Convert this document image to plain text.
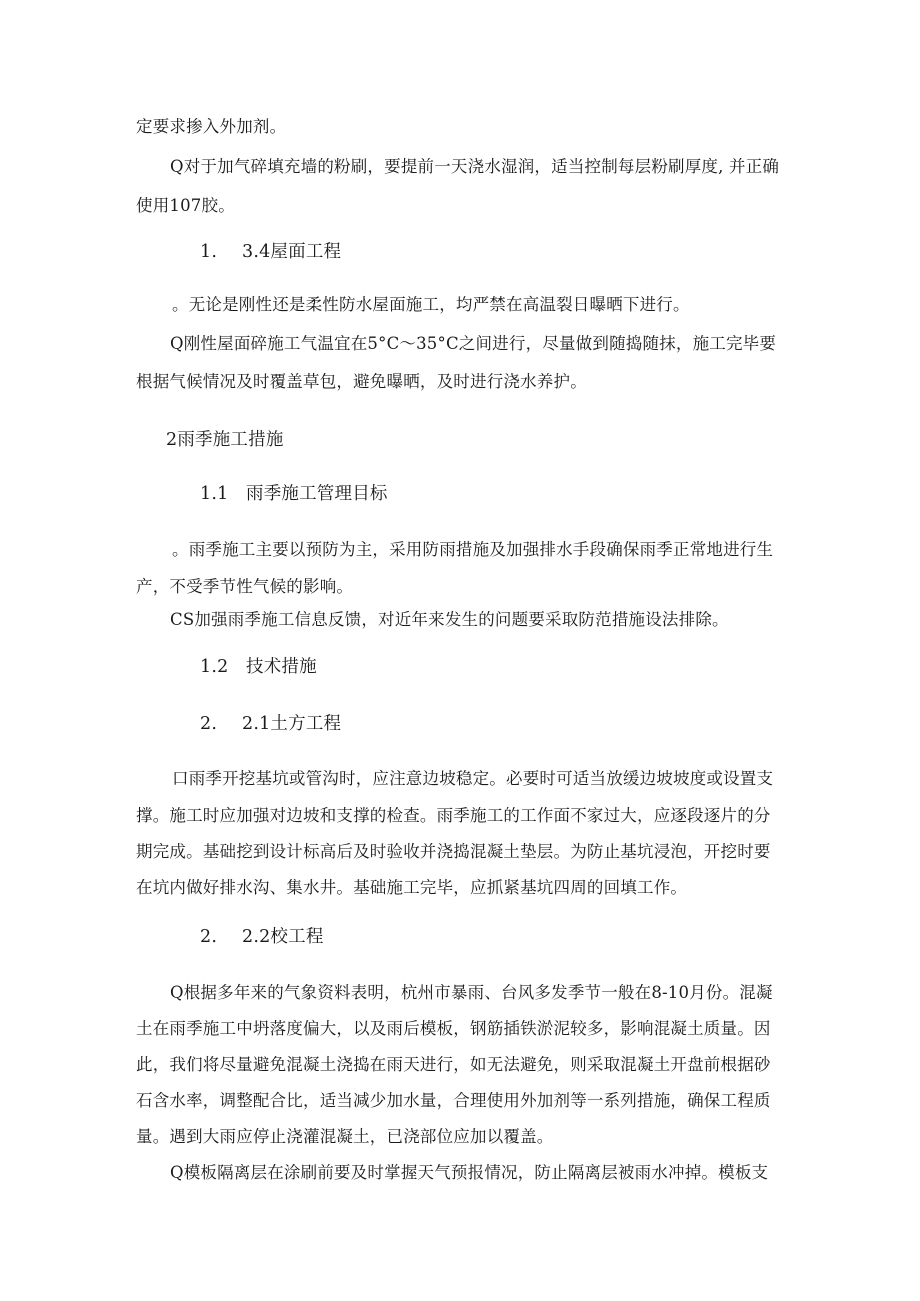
定要求掺入外加剂。
Q对于加气碎填充墙的粉刷，要提前一天浇水湿润，适当控制每层粉刷厚度, 并正确
使用107胶。
1. 3.4屋面工程
。无论是刚性还是柔性防水屋面施工，均严禁在高温裂日曝晒下进行。
Q刚性屋面碎施工气温宜在5°C～35°C之间进行，尽量做到随捣随抹，施工完毕要
根据气候情况及时覆盖草包，避免曝晒，及时进行浇水养护。
2雨季施工措施
1.1 雨季施工管理目标
。雨季施工主要以预防为主，采用防雨措施及加强排水手段确保雨季正常地进行生
产，不受季节性气候的影响。
CS加强雨季施工信息反馈，对近年来发生的问题要采取防范措施设法排除。
1.2 技术措施
2. 2.1土方工程
口雨季开挖基坑或管沟时，应注意边坡稳定。必要时可适当放缓边坡坡度或设置支
撑。施工时应加强对边坡和支撑的检查。雨季施工的工作面不家过大，应逐段逐片的分
期完成。基础挖到设计标高后及时验收并浇捣混凝土垫层。为防止基坑浸泡，开挖时要
在坑内做好排水沟、集水井。基础施工完毕，应抓紧基坑四周的回填工作。
2. 2.2校工程
Q根据多年来的气象资料表明，杭州市暴雨、台风多发季节一般在8-10月份。混凝
土在雨季施工中坍落度偏大，以及雨后模板，钢筋插铁淤泥较多，影响混凝土质量。因
此，我们将尽量避免混凝土浇捣在雨天进行，如无法避免，则采取混凝土开盘前根据砂
石含水率，调整配合比，适当减少加水量，合理使用外加剂等一系列措施，确保工程质
量。遇到大雨应停止浇灌混凝土，已浇部位应加以覆盖。
Q模板隔离层在涂刷前要及时掌握天气预报情况，防止隔离层被雨水冲掉。模板支
